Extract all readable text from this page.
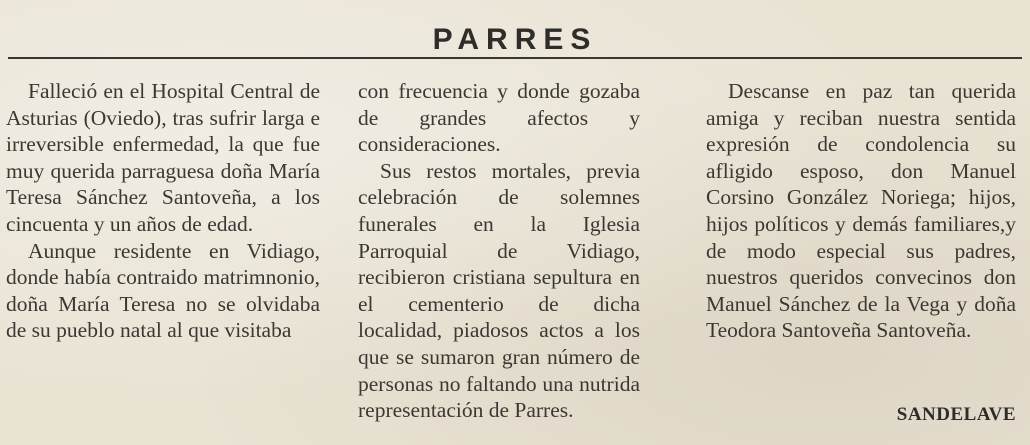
PARRES

Falleció en el Hospital Central de Asturias (Oviedo), tras sufrir larga e irreversible enfermedad, la que fue muy querida parraguesa doña María Teresa Sánchez Santoveña, a los cincuenta y un años de edad.

Aunque residente en Vidiago, donde había contraido matrimnonio, doña María Teresa no se olvidaba de su pueblo natal al que visitaba

con frecuencia y donde gozaba de grandes afectos y consideraciones.

Sus restos mortales, previa celebración de solemnes funerales en la Iglesia Parroquial de Vidiago, recibieron cristiana sepultura en el cementerio de dicha localidad, piadosos actos a los que se sumaron gran número de personas no faltando una nutrida representación de Parres.

Descanse en paz tan querida amiga y reciban nuestra sentida expresión de condolencia su afligido esposo, don Manuel Corsino González Noriega; hijos, hijos políticos y demás familiares,y de modo especial sus padres, nuestros queridos convecinos don Manuel Sánchez de la Vega y doña Teodora Santoveña Santoveña.

SANDELAVE
